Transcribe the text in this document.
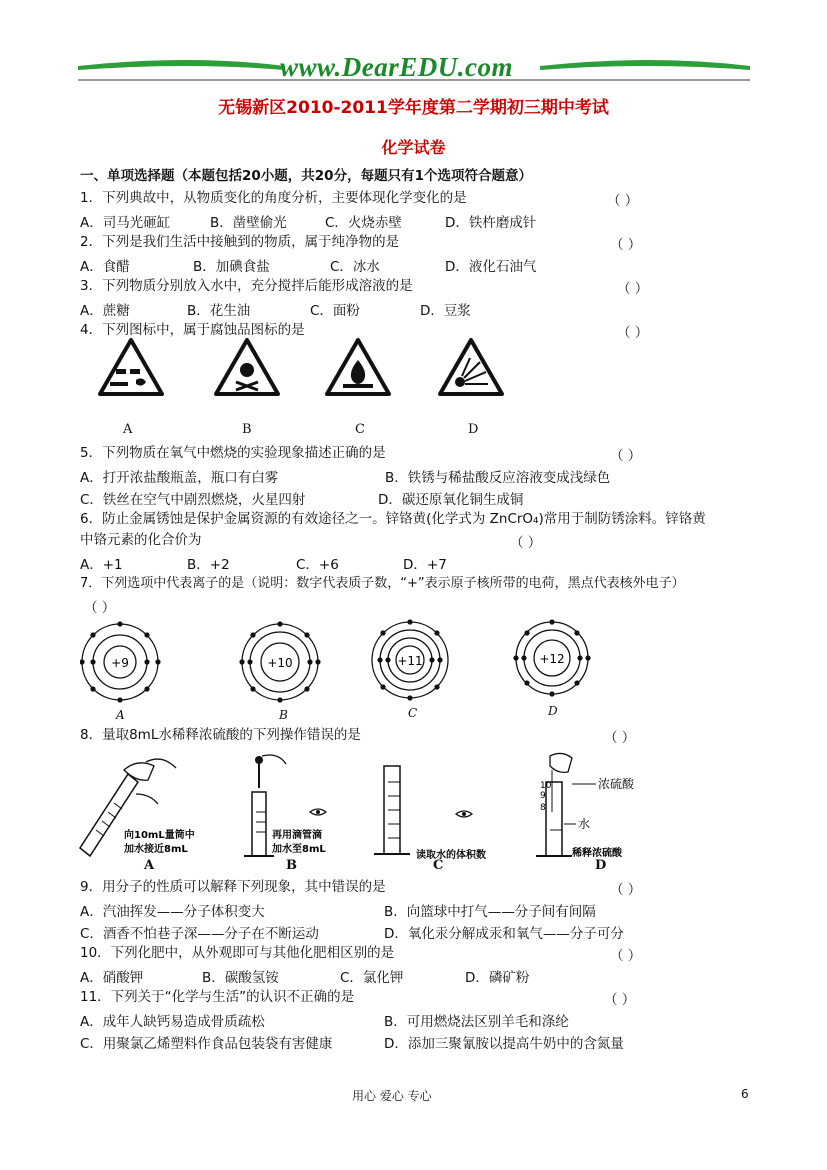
www.DearEDU.com
无锡新区2010-2011学年度第二学期初三期中考试
化学试卷
一、单项选择题（本题包括20小题，共20分，每题只有1个选项符合题意）
1．下列典故中，从物质变化的角度分析，主要体现化学变化的是	（ ）
A．司马光砸缸	B．凿壁偷光	C．火烧赤壁	D．铁杵磨成针
2．下列是我们生活中接触到的物质，属于纯净物的是	（ ）
A．食醋	B．加碘食盐	C．冰水	D．液化石油气
3．下列物质分别放入水中，充分搅拌后能形成溶液的是	（ ）
A．蔗糖	B．花生油	C．面粉	D．豆浆
4．下列图标中，属于腐蚀品图标的是	（ ）
A	B	C	D
5．下列物质在氧气中燃烧的实验现象描述正确的是	（ ）
A．打开浓盐酸瓶盖，瓶口有白雾	B．铁锈与稀盐酸反应溶液变成浅绿色
C．铁丝在空气中剧烈燃烧，火星四射	D．碳还原氧化铜生成铜
6．防止金属锈蚀是保护金属资源的有效途径之一。锌铬黄(化学式为 ZnCrO₄)常用于制防锈涂料。锌铬黄
中铬元素的化合价为	（ ）
A．+1	B．+2	C．+6	D．+7
7．下列选项中代表离子的是（说明：数字代表质子数，“+”表示原子核所带的电荷，黑点代表核外电子）
（ ）
+9	+10	+11	+12
A	B	C	D
8．量取8mL水稀释浓硫酸的下列操作错误的是	（ ）
向10mL量筒中
加水接近8mL
再用滴管滴
加水至8mL
读取水的体积数
10
9
8
浓硫酸
水
稀释浓硫酸
A	B	C	D
9．用分子的性质可以解释下列现象，其中错误的是	（ ）
A．汽油挥发——分子体积变大	B．向篮球中打气——分子间有间隔
C．酒香不怕巷子深——分子在不断运动	D．氧化汞分解成汞和氧气——分子可分
10．下列化肥中，从外观即可与其他化肥相区别的是	（ ）
A．硝酸钾	B．碳酸氢铵	C．氯化钾	D．磷矿粉
11．下列关于“化学与生活”的认识不正确的是	（ ）
A．成年人缺钙易造成骨质疏松	B．可用燃烧法区别羊毛和涤纶
C．用聚氯乙烯塑料作食品包装袋有害健康	D．添加三聚氰胺以提高牛奶中的含氮量
用心 爱心 专心	6
